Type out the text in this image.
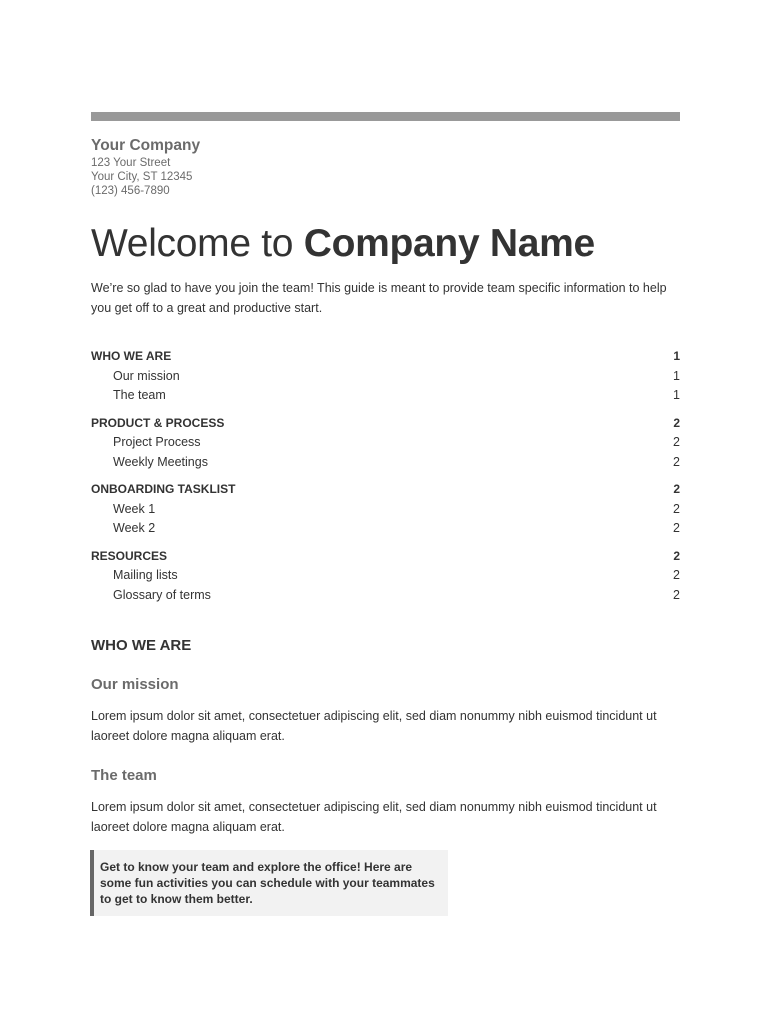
Your Company
123 Your Street
Your City, ST 12345
(123) 456-7890
Welcome to Company Name
We’re so glad to have you join the team! This guide is meant to provide team specific information to help you get off to a great and productive start.
WHO WE ARE	1
Our mission	1
The team	1
PRODUCT & PROCESS	2
Project Process	2
Weekly Meetings	2
ONBOARDING TASKLIST	2
Week 1	2
Week 2	2
RESOURCES	2
Mailing lists	2
Glossary of terms	2
WHO WE ARE
Our mission
Lorem ipsum dolor sit amet, consectetuer adipiscing elit, sed diam nonummy nibh euismod tincidunt ut laoreet dolore magna aliquam erat.
The team
Lorem ipsum dolor sit amet, consectetuer adipiscing elit, sed diam nonummy nibh euismod tincidunt ut laoreet dolore magna aliquam erat.
Get to know your team and explore the office! Here are some fun activities you can schedule with your teammates to get to know them better.
